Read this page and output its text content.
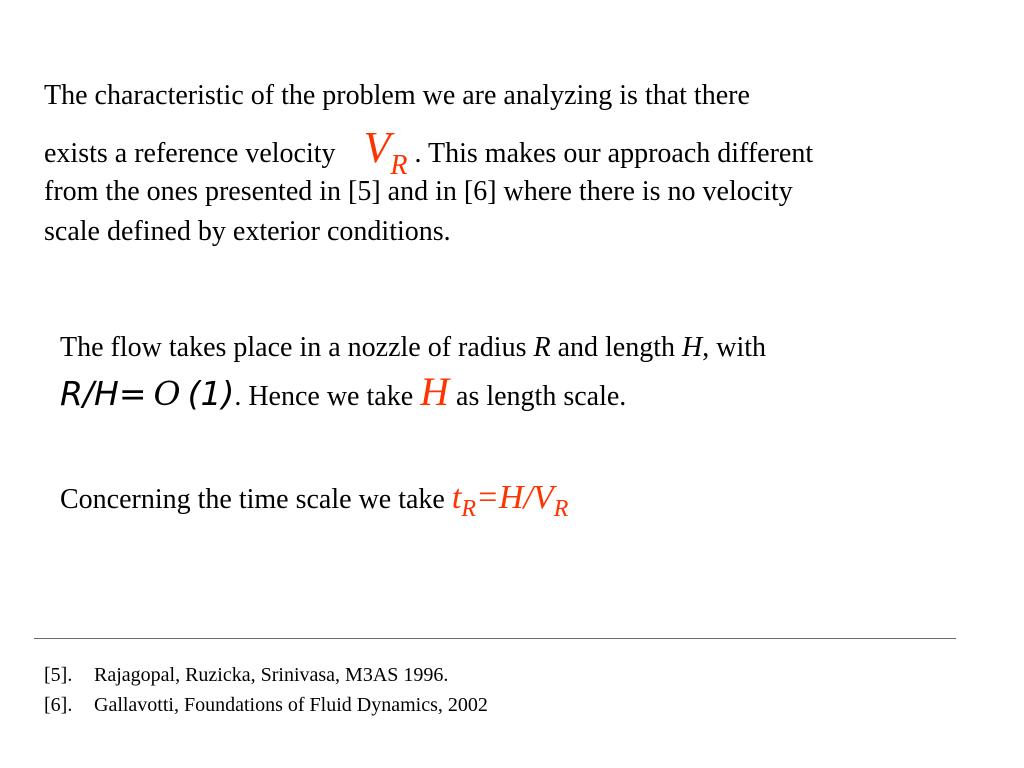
The characteristic of the problem we are analyzing is that there
exists a reference velocity VR . This makes our approach different
from the ones presented in [5] and in [6] where there is no velocity
scale defined by exterior conditions.
The flow takes place in a nozzle of radius R and length H, with
R/H= O (1). Hence we take H as length scale.
Concerning the time scale we take tR=H/VR
[5]. Rajagopal, Ruzicka, Srinivasa, M3AS 1996.
[6]. Gallavotti, Foundations of Fluid Dynamics, 2002
